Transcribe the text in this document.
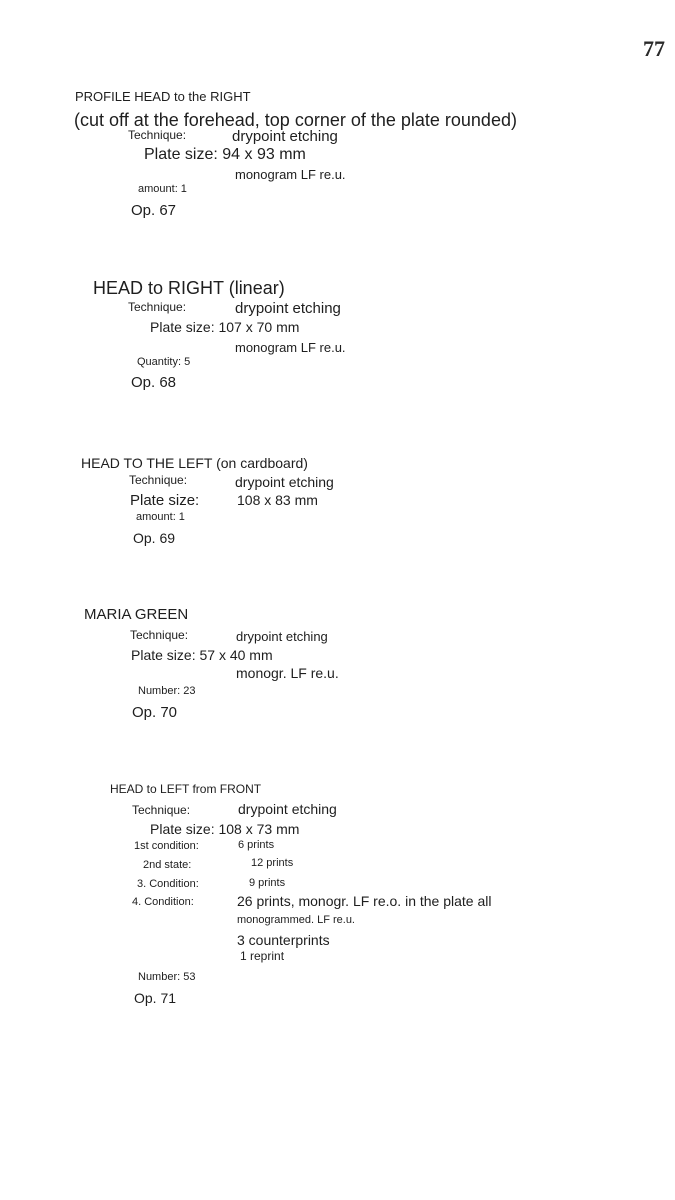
77
PROFILE HEAD to the RIGHT
(cut off at the forehead, top corner of the plate rounded)
Technique:	drypoint etching
Plate size: 94 x 93 mm
monogram LF re.u.
amount: 1
Op. 67
HEAD to RIGHT (linear)
Technique:	drypoint etching
Plate size: 107 x 70 mm
monogram LF re.u.
Quantity: 5
Op. 68
HEAD TO THE LEFT (on cardboard)
Technique:	drypoint etching
Plate size:	108 x 83 mm
amount: 1
Op. 69
MARIA GREEN
Technique:	drypoint etching
Plate size: 57 x 40 mm
monogr. LF re.u.
Number: 23
Op. 70
HEAD to LEFT from FRONT
Technique:	drypoint etching
Plate size: 108 x 73 mm
1st condition:	6 prints
2nd state:	12 prints
3. Condition:	9 prints
4. Condition:	26 prints, monogr. LF re.o. in the plate all
monogrammed. LF re.u.
3 counterprints
1 reprint
Number: 53
Op. 71
